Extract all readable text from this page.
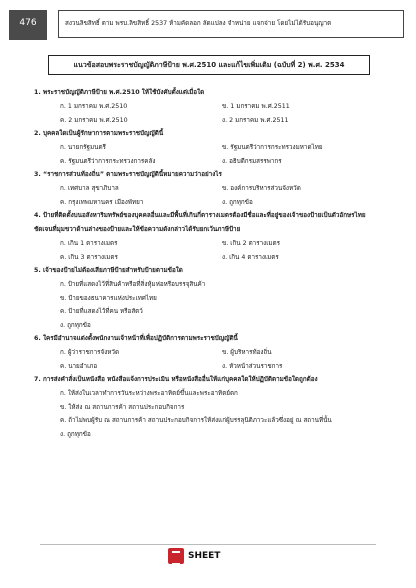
476	สงวนลิขสิทธิ์ ตาม พรบ.ลิขสิทธิ์ 2537 ห้ามคัดลอก ลัดแปลง จำหน่าย แจกจ่าย โดยไม่ได้รับอนุญาต
แนวข้อสอบพระราชบัญญัติภาษีป้าย พ.ศ.2510 และแก้ไขเพิ่มเติม (ฉบับที่ 2) พ.ศ. 2534
1. พระราชบัญญัติภาษีป้าย พ.ศ.2510 ให้ใช้บังคับตั้งแต่เมื่อใด
ก. 1 มกราคม พ.ศ.2510	ข. 1 มกราคม พ.ศ.2511
ค. 2 มกราคม พ.ศ.2510	ง. 2 มกราคม พ.ศ.2511
2. บุคคลใดเป็นผู้รักษาการตามพระราชบัญญัตินี้
ก. นายกรัฐมนตรี	ข. รัฐมนตรีว่าการกระทรวงมหาดไทย
ค. รัฐมนตรีว่าการกระทรวงการคลัง	ง. อธิบดีกรมสรรพากร
3. “ราชการส่วนท้องถิ่น” ตามพระราชบัญญัตินี้หมายความว่าอย่างไร
ก. เทศบาล สุขาภิบาล	ข. องค์การบริหารส่วนจังหวัด
ค. กรุงเทพมหานคร เมืองพัทยา	ง. ถูกทุกข้อ
4. ป้ายที่ติดตั้งบนอสังหาริมทรัพย์ของบุคคลอื่นและมีพื้นที่เกินกี่ตารางเมตรต้องมีชื่อและที่อยู่ของเจ้าของป้ายเป็นตัวอักษรไทยชัดเจนที่มุมขวาด้านล่างของป้ายและให้ข้อความดังกล่าวได้รับยกเว้นภาษีป้าย
ก. เกิน 1 ตารางเมตร	ข. เกิน 2 ตารางเมตร
ค. เกิน 3 ตารางเมตร	ง. เกิน 4 ตารางเมตร
5. เจ้าของป้ายไม่ต้องเสียภาษีป้ายสำหรับป้ายตามข้อใด
ก. ป้ายที่แสดงไว้ที่สินค้าหรือที่สิ่งหุ้มห่อหรือบรรจุสินค้า
ข. ป้ายของธนาคารแห่งประเทศไทย
ค. ป้ายที่แสดงไว้ที่คน หรือสัตว์
ง. ถูกทุกข้อ
6. ใครมีอำนาจแต่งตั้งพนักงานเจ้าหน้าที่เพื่อปฏิบัติการตามพระราชบัญญัตินี้
ก. ผู้ว่าราชการจังหวัด	ข. ผู้บริหารท้องถิ่น
ค. นายอำเภอ	ง. หัวหน้าส่วนราชการ
7. การส่งคำสั่งเป็นหนังสือ หนังสือแจ้งการประเมิน หรือหนังสืออื่นให้แก่บุคคลใดให้ปฏิบัติตามข้อใดถูกต้อง
ก. ให้ส่งในเวลาทำการวันระหว่างพระอาทิตย์ขึ้นและพระอาทิตย์ตก
ข. ให้ส่ง ณ สถานการค้า สถานประกอบกิจการ
ค. ถ้าไม่พบผู้รับ ณ สถานการค้า สถานประกอบกิจการให้ส่งแก่ผู้บรรลุนิติภาวะแล้วซึ่งอยู่ ณ สถานที่นั้น
ง. ถูกทุกข้อ
SHEET
